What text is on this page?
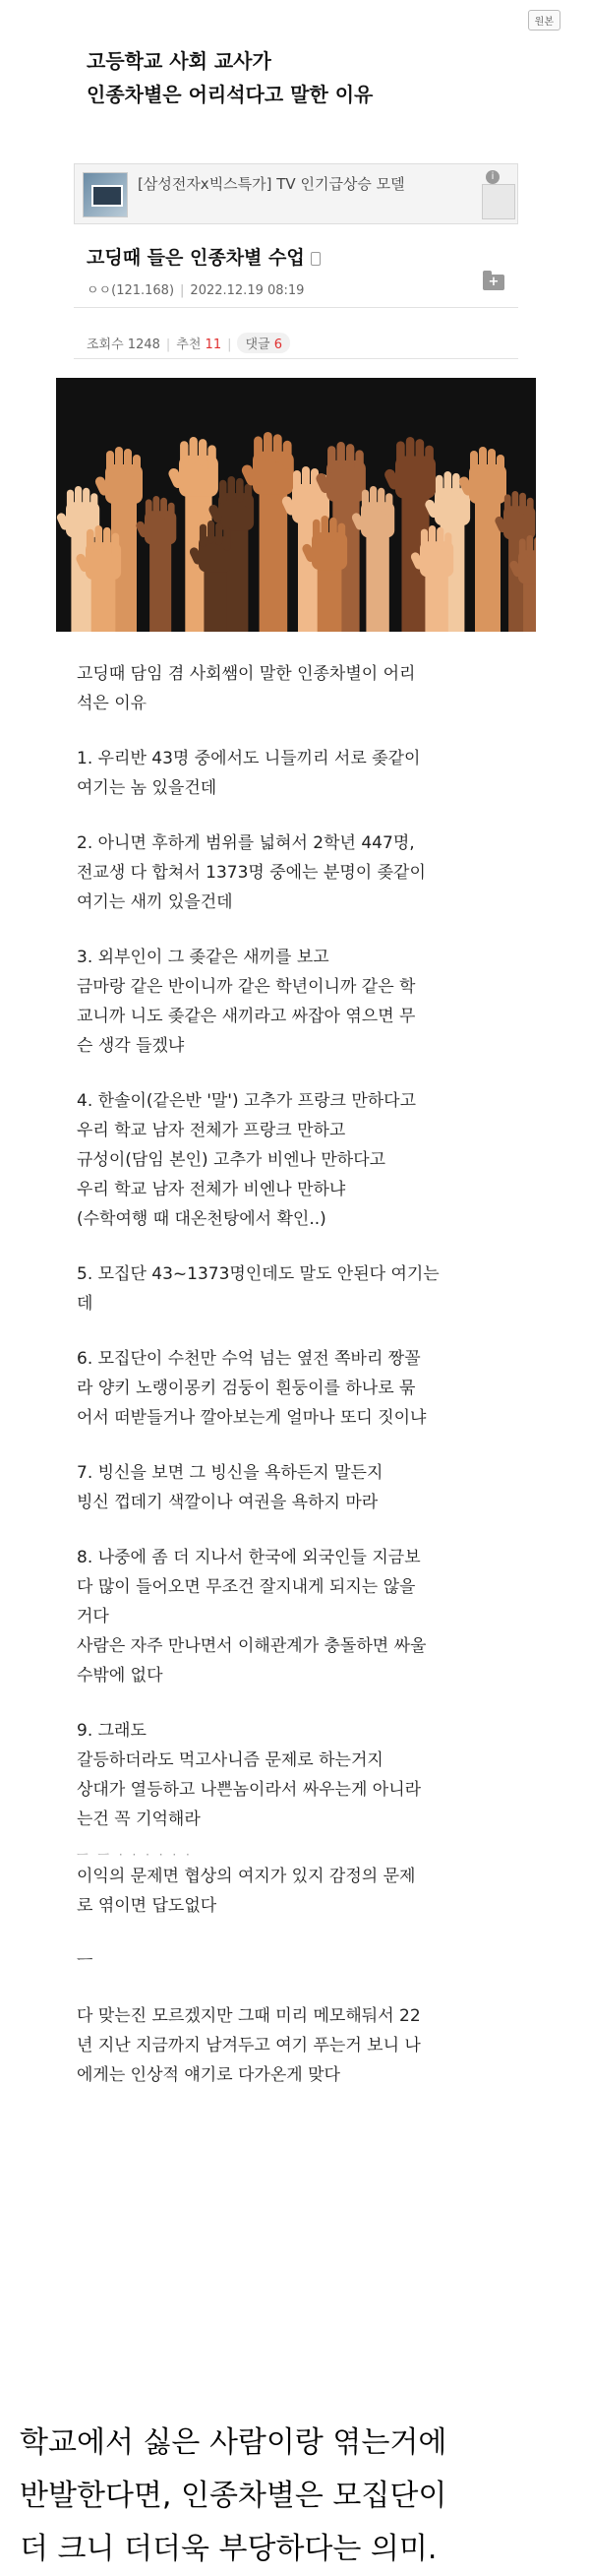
원본
고등학교 사회 교사가
인종차별은 어리석다고 말한 이유
[삼성전자x빅스특가] TV 인기급상승 모델	i
고딩때 들은 인종차별 수업
ㅇㅇ(121.168) | 2022.12.19 08:19
+
조회수 1248 | 추천 11 | 댓글 6

고딩때 담임 겸 사회쌤이 말한 인종차별이 어리
석은 이유

1. 우리반 43명 중에서도 니들끼리 서로 좆같이
여기는 놈 있을건데

2. 아니면 후하게 범위를 넓혀서 2학년 447명,
전교생 다 합쳐서 1373명 중에는 분명이 좆같이
여기는 새끼 있을건데

3. 외부인이 그 좆같은 새끼를 보고
금마랑 같은 반이니까 같은 학년이니까 같은 학
교니까 니도 좆같은 새끼라고 싸잡아 엮으면 무
슨 생각 들겠냐

4. 한솔이(같은반 '말') 고추가 프랑크 만하다고
우리 학교 남자 전체가 프랑크 만하고
규성이(담임 본인) 고추가 비엔나 만하다고
우리 학교 남자 전체가 비엔나 만하냐
(수학여행 때 대온천탕에서 확인..)

5. 모집단 43~1373명인데도 말도 안된다 여기는
데

6. 모집단이 수천만 수억 넘는 옆전 쪽바리 짱꼴
라 양키 노랭이몽키 검둥이 흰둥이를 하나로 묶
어서 떠받들거나 깔아보는게 얼마나 또디 짓이냐

7. 빙신을 보면 그 빙신을 욕하든지 말든지
빙신 껍데기 색깔이나 여권을 욕하지 마라

8. 나중에 좀 더 지나서 한국에 외국인들 지금보
다 많이 들어오면 무조건 잘지내게 되지는 않을
거다
사람은 자주 만나면서 이해관계가 충돌하면 싸울
수밖에 없다

9. 그래도
갈등하더라도 먹고사니즘 문제로 하는거지
상대가 열등하고 나쁜놈이라서 싸우는게 아니라
는건 꼭 기억해라

ㅡ ㅡ · · · · · ·

이익의 문제면 협상의 여지가 있지 감정의 문제
로 엮이면 답도없다

ㅡ

다 맞는진 모르겠지만 그때 미리 메모해둬서 22
년 지난 지금까지 남겨두고 여기 푸는거 보니 나
에게는 인상적 얘기로 다가온게 맞다

학교에서 싫은 사람이랑 엮는거에

반발한다면, 인종차별은 모집단이

더 크니 더더욱 부당하다는 의미.
